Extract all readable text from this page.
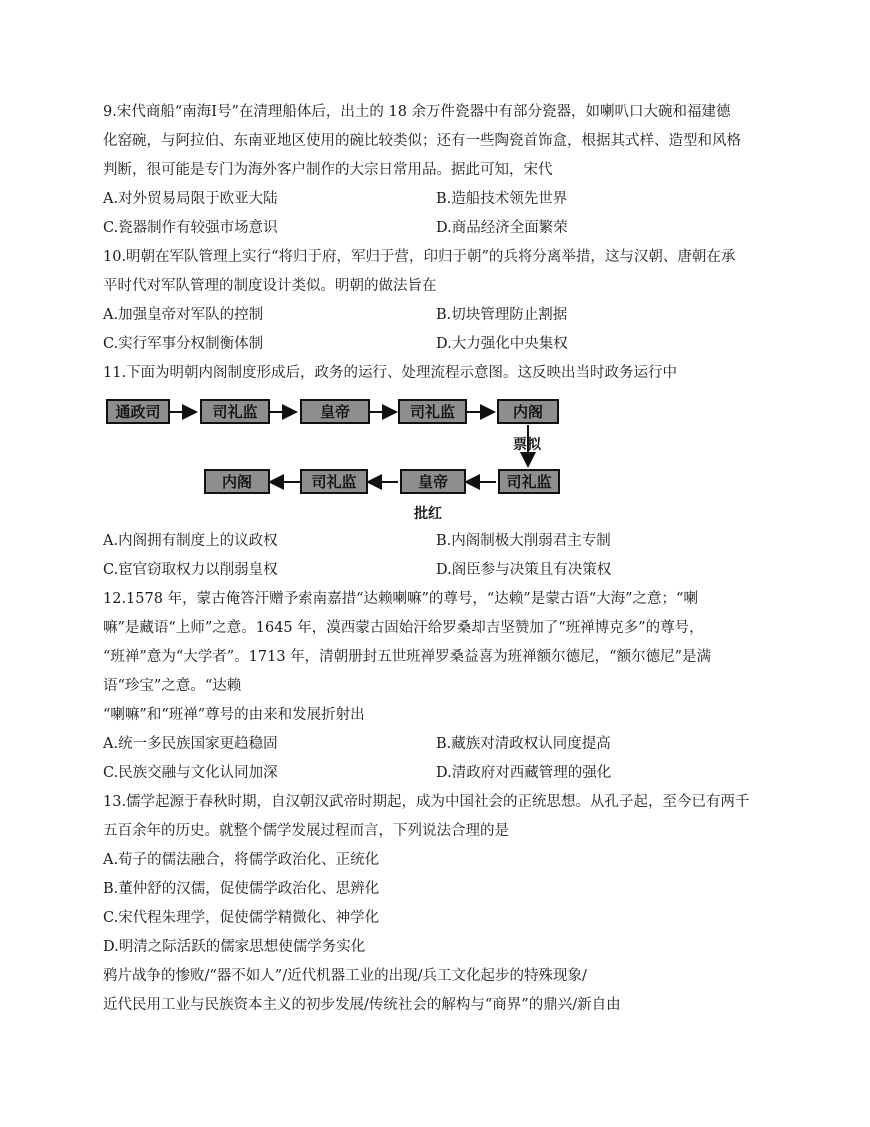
9.宋代商船“南海Ⅰ号”在清理船体后，出土的 18 余万件瓷器中有部分瓷器，如喇叭口大碗和福建德
化窑碗，与阿拉伯、东南亚地区使用的碗比较类似；还有一些陶瓷首饰盒，根据其式样、造型和风格
判断，很可能是专门为海外客户制作的大宗日常用品。据此可知，宋代
A.对外贸易局限于欧亚大陆	B.造船技术领先世界
C.瓷器制作有较强市场意识	D.商品经济全面繁荣
10.明朝在军队管理上实行“将归于府，军归于营，印归于朝”的兵将分离举措，这与汉朝、唐朝在承
平时代对军队管理的制度设计类似。明朝的做法旨在
A.加强皇帝对军队的控制	B.切块管理防止割据
C.实行军事分权制衡体制	D.大力强化中央集权
11.下面为明朝内阁制度形成后，政务的运行、处理流程示意图。这反映出当时政务运行中
通政司	司礼监	皇帝	司礼监	内阁
票拟
内阁	司礼监	皇帝	司礼监
批红
A.内阁拥有制度上的议政权	B.内阁制极大削弱君主专制
C.宦官窃取权力以削弱皇权	D.阁臣参与决策且有决策权
12.1578 年，蒙古俺答汗赠予索南嘉措“达赖喇嘛”的尊号，“达赖”是蒙古语“大海”之意；“喇
嘛”是藏语“上师”之意。1645 年，漠西蒙古固始汗给罗桑却吉坚赞加了“班禅博克多”的尊号，
“班禅”意为“大学者”。1713 年，清朝册封五世班禅罗桑益喜为班禅额尔德尼，“额尔德尼”是满
语“珍宝”之意。“达赖
“喇嘛”和“班禅”尊号的由来和发展折射出
A.统一多民族国家更趋稳固	B.藏族对清政权认同度提高
C.民族交融与文化认同加深	D.清政府对西藏管理的强化
13.儒学起源于春秋时期，自汉朝汉武帝时期起，成为中国社会的正统思想。从孔子起，至今已有两千
五百余年的历史。就整个儒学发展过程而言，下列说法合理的是
A.荀子的儒法融合，将儒学政治化、正统化
B.董仲舒的汉儒，促使儒学政治化、思辨化
C.宋代程朱理学，促使儒学精微化、神学化
D.明清之际活跃的儒家思想使儒学务实化
鸦片战争的惨败/“器不如人”/近代机器工业的出现/兵工文化起步的特殊现象/
近代民用工业与民族资本主义的初步发展/传统社会的解构与“商界”的鼎兴/新自由
